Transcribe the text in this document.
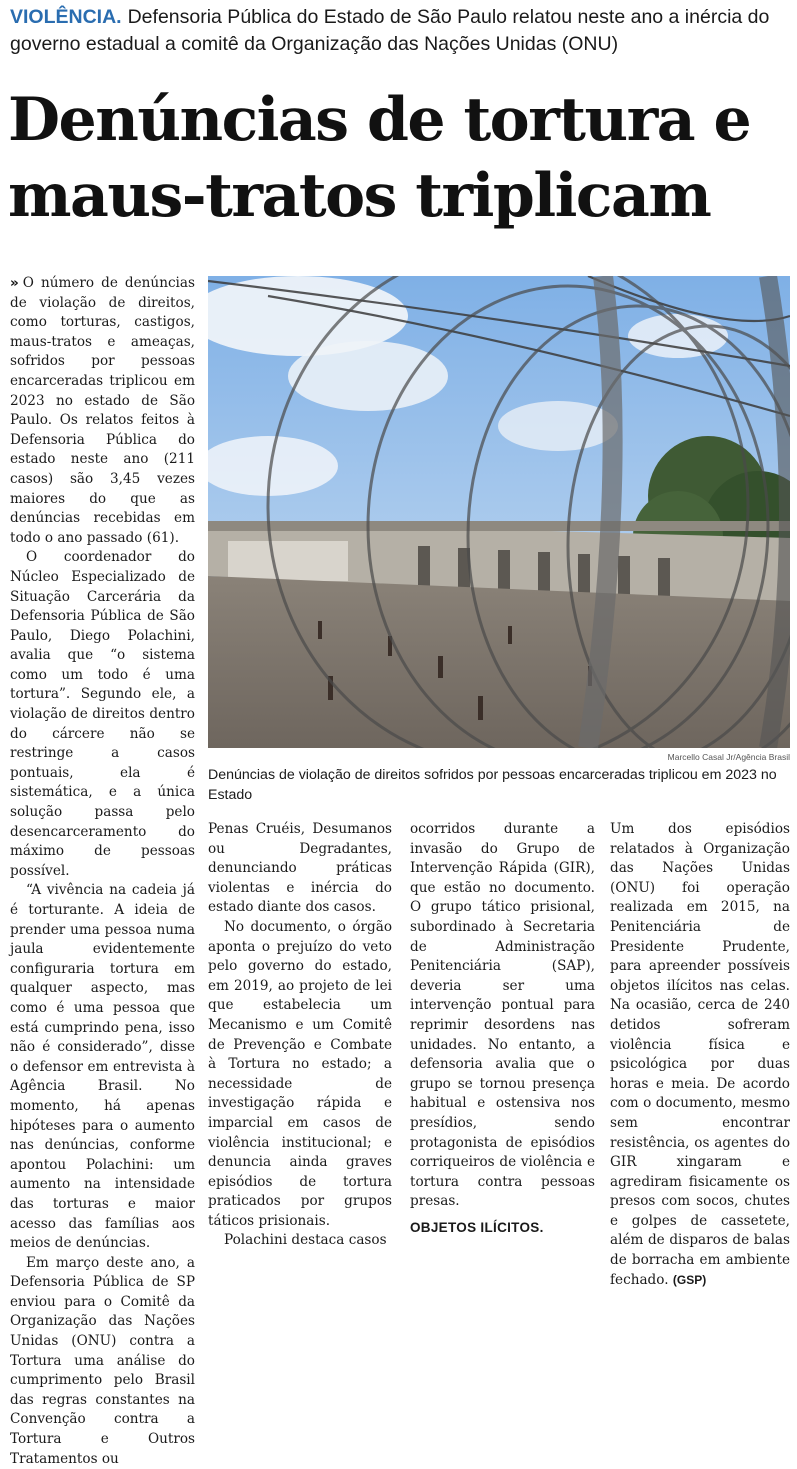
VIOLÊNCIA. Defensoria Pública do Estado de São Paulo relatou neste ano a inércia do governo estadual a comitê da Organização das Nações Unidas (ONU)
Denúncias de tortura e maus-tratos triplicam

» O número de denúncias de violação de direitos, como torturas, castigos, maus-tratos e ameaças, sofridos por pessoas encarceradas triplicou em 2023 no estado de São Paulo. Os relatos feitos à Defensoria Pública do estado neste ano (211 casos) são 3,45 vezes maiores do que as denúncias recebidas em todo o ano passado (61).

O coordenador do Núcleo Especializado de Situação Carcerária da Defensoria Pública de São Paulo, Diego Polachini, avalia que “o sistema como um todo é uma tortura”. Segundo ele, a violação de direitos dentro do cárcere não se restringe a casos pontuais, ela é sistemática, e a única solução passa pelo desencarceramento do máximo de pessoas possível.

“A vivência na cadeia já é torturante. A ideia de prender uma pessoa numa jaula evidentemente configuraria tortura em qualquer aspecto, mas como é uma pessoa que está cumprindo pena, isso não é considerado”, disse o defensor em entrevista à Agência Brasil. No momento, há apenas hipóteses para o aumento nas denúncias, conforme apontou Polachini: um aumento na intensidade das torturas e maior acesso das famílias aos meios de denúncias.

Em março deste ano, a Defensoria Pública de SP enviou para o Comitê da Organização das Nações Unidas (ONU) contra a Tortura uma análise do cumprimento pelo Brasil das regras constantes na Convenção contra a Tortura e Outros Tratamentos ou

Marcello Casal Jr/Agência Brasil
Denúncias de violação de direitos sofridos por pessoas encarceradas triplicou em 2023 no Estado

Penas Cruéis, Desumanos ou Degradantes, denunciando práticas violentas e inércia do estado diante dos casos.

No documento, o órgão aponta o prejuízo do veto pelo governo do estado, em 2019, ao projeto de lei que estabelecia um Mecanismo e um Comitê de Prevenção e Combate à Tortura no estado; a necessidade de investigação rápida e imparcial em casos de violência institucional; e denuncia ainda graves episódios de tortura praticados por grupos táticos prisionais.

Polachini destaca casos

ocorridos durante a invasão do Grupo de Intervenção Rápida (GIR), que estão no documento. O grupo tático prisional, subordinado à Secretaria de Administração Penitenciária (SAP), deveria ser uma intervenção pontual para reprimir desordens nas unidades. No entanto, a defensoria avalia que o grupo se tornou presença habitual e ostensiva nos presídios, sendo protagonista de episódios corriqueiros de violência e tortura contra pessoas presas.

OBJETOS ILÍCITOS.

Um dos episódios relatados à Organização das Nações Unidas (ONU) foi operação realizada em 2015, na Penitenciária de Presidente Prudente, para apreender possíveis objetos ilícitos nas celas. Na ocasião, cerca de 240 detidos sofreram violência física e psicológica por duas horas e meia. De acordo com o documento, mesmo sem encontrar resistência, os agentes do GIR xingaram e agrediram fisicamente os presos com socos, chutes e golpes de cassetete, além de disparos de balas de borracha em ambiente fechado. (GSP)
